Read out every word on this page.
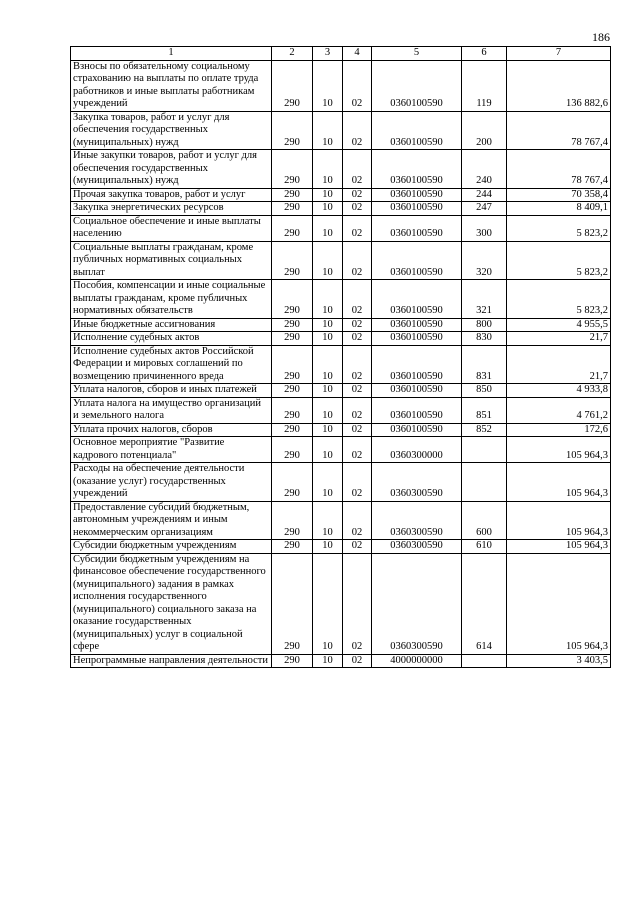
186
1	2	3	4	5	6	7
Взносы по обязательному социальному страхованию на выплаты по оплате труда работников и иные выплаты работникам учреждений	290	10	02	0360100590	119	136 882,6
Закупка товаров, работ и услуг для обеспечения государственных (муниципальных) нужд	290	10	02	0360100590	200	78 767,4
Иные закупки товаров, работ и услуг для обеспечения государственных (муниципальных) нужд	290	10	02	0360100590	240	78 767,4
Прочая закупка товаров, работ и услуг	290	10	02	0360100590	244	70 358,4
Закупка энергетических ресурсов	290	10	02	0360100590	247	8 409,1
Социальное обеспечение и иные выплаты населению	290	10	02	0360100590	300	5 823,2
Социальные выплаты гражданам, кроме публичных нормативных социальных выплат	290	10	02	0360100590	320	5 823,2
Пособия, компенсации и иные социальные выплаты гражданам, кроме публичных нормативных обязательств	290	10	02	0360100590	321	5 823,2
Иные бюджетные ассигнования	290	10	02	0360100590	800	4 955,5
Исполнение судебных актов	290	10	02	0360100590	830	21,7
Исполнение судебных актов Российской Федерации и мировых соглашений по возмещению причиненного вреда	290	10	02	0360100590	831	21,7
Уплата налогов, сборов и иных платежей	290	10	02	0360100590	850	4 933,8
Уплата налога на имущество организаций и земельного налога	290	10	02	0360100590	851	4 761,2
Уплата прочих налогов, сборов	290	10	02	0360100590	852	172,6
Основное мероприятие "Развитие кадрового потенциала"	290	10	02	0360300000		105 964,3
Расходы на обеспечение деятельности (оказание услуг) государственных учреждений	290	10	02	0360300590		105 964,3
Предоставление субсидий бюджетным, автономным учреждениям и иным некоммерческим организациям	290	10	02	0360300590	600	105 964,3
Субсидии бюджетным учреждениям	290	10	02	0360300590	610	105 964,3
Субсидии бюджетным учреждениям на финансовое обеспечение государственного (муниципального) задания в рамках исполнения государственного (муниципального) социального заказа на оказание государственных (муниципальных) услуг в социальной сфере	290	10	02	0360300590	614	105 964,3
Непрограммные направления деятельности	290	10	02	4000000000		3 403,5
